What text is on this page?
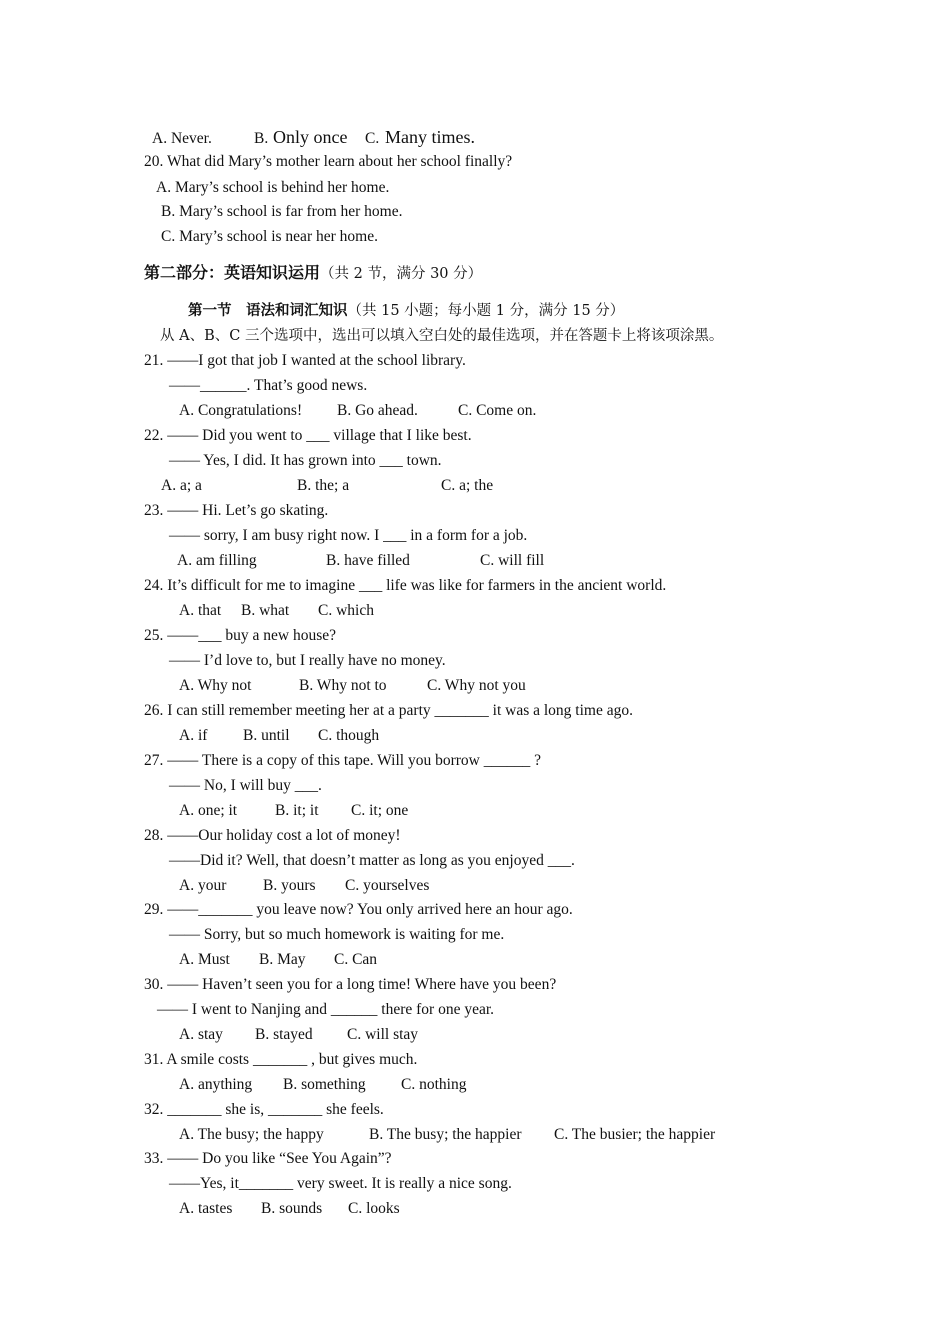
A. Never.	B. Only once C. Many times.
20. What did Mary’s mother learn about her school finally?
A. Mary’s school is behind her home.
B. Mary’s school is far from her home.
C. Mary’s school is near her home.
第二部分：英语知识运用（共 2 节，满分 30 分）
第一节　语法和词汇知识（共 15 小题；每小题 1 分，满分 15 分）
从 A、B、C 三个选项中，选出可以填入空白处的最佳选项，并在答题卡上将该项涂黑。
21. ——I got that job I wanted at the school library.
——______. That’s good news.
A. Congratulations! B. Go ahead.	C. Come on.
22. —— Did you went to ___ village that I like best.
—— Yes, I did. It has grown into ___ town.
A. a; a	B. the; a	C. a; the
23. —— Hi. Let’s go skating.
—— sorry, I am busy right now. I ___ in a form for a job.
A. am filling	B. have filled	C. will fill
24. It’s difficult for me to imagine ___ life was like for farmers in the ancient world.
A. that B. what C. which
25. ——___ buy a new house?
—— I’d love to, but I really have no money.
A. Why not	B. Why not to	C. Why not you
26. I can still remember meeting her at a party _______ it was a long time ago.
A. if B. until C. though
27. —— There is a copy of this tape. Will you borrow ______ ?
—— No, I will buy ___.
A. one; it B. it; it C. it; one
28. ——Our holiday cost a lot of money!
——Did it? Well, that doesn’t matter as long as you enjoyed ___.
A. your B. yours C. yourselves
29. ——_______ you leave now? You only arrived here an hour ago.
—— Sorry, but so much homework is waiting for me.
A. Must B. May C. Can
30. —— Haven’t seen you for a long time! Where have you been?
—— I went to Nanjing and ______ there for one year.
A. stay B. stayed C. will stay
31. A smile costs _______ , but gives much.
A. anything B. something C. nothing
32. _______ she is, _______ she feels.
A. The busy; the happy	B. The busy; the happier C. The busier; the happier
33. —— Do you like “See You Again”?
——Yes, it_______ very sweet. It is really a nice song.
A. tastes B. sounds C. looks
